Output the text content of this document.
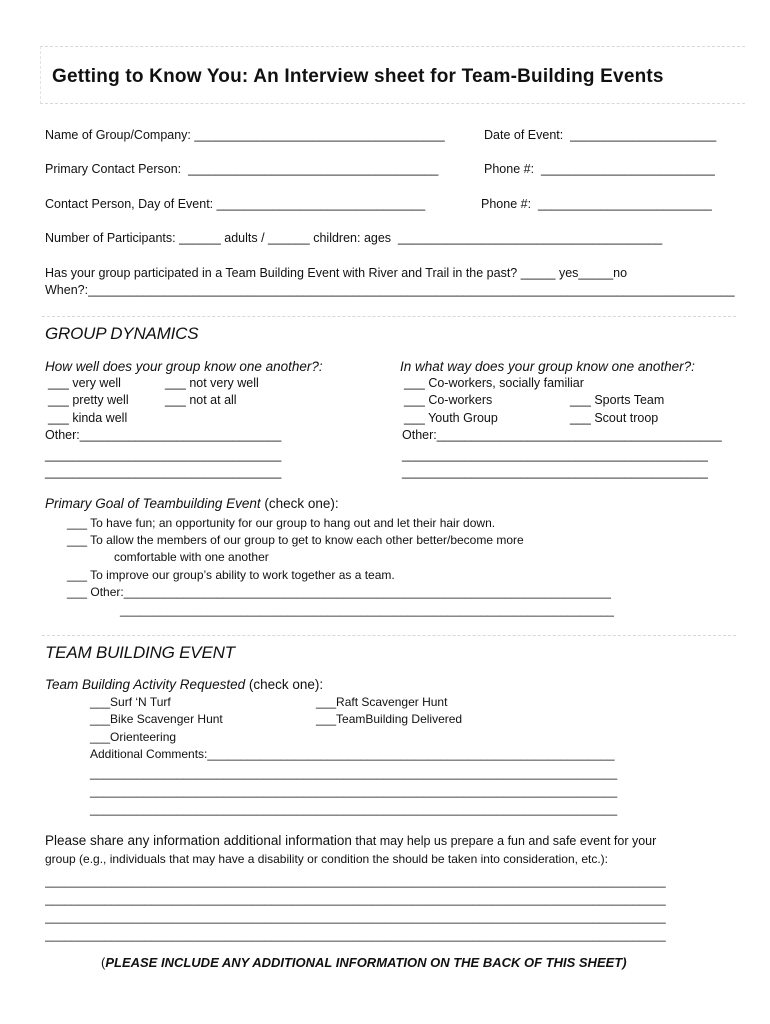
Getting to Know You: An Interview sheet for Team-Building Events
Name of Group/Company: ____________________________________	Date of Event:  _____________________
Primary Contact Person:  ____________________________________	Phone #:  _________________________
Contact Person, Day of Event: ______________________________	Phone #:  _________________________
Number of Participants: ______ adults / ______ children: ages  ______________________________________
Has your group participated in a Team Building Event with River and Trail in the past? _____ yes_____no
When?:_____________________________________________________________________________________________
GROUP DYNAMICS
How well does your group know one another?:
___ very well	___ not very well
___ pretty well	___ not at all
___ kinda well
Other:_____________________________
__________________________________
__________________________________
In what way does your group know one another?:
___ Co-workers, socially familiar
___ Co-workers	___ Sports Team
___ Youth Group	___ Scout troop
Other:_________________________________________
____________________________________________
____________________________________________
Primary Goal of Teambuilding Event (check one):
___ To have fun; an opportunity for our group to hang out and let their hair down.
___ To allow the members of our group to get to know each other better/become more
comfortable with one another
___ To improve our group’s ability to work together as a team.
___ Other:_________________________________________________________________________
__________________________________________________________________________
TEAM BUILDING EVENT
Team Building Activity Requested (check one):
___Surf ‘N Turf	___Raft Scavenger Hunt
___Bike Scavenger Hunt	___TeamBuilding Delivered
___Orienteering
Additional Comments:_____________________________________________________________
_______________________________________________________________________________
_______________________________________________________________________________
_______________________________________________________________________________
Please share any information additional information that may help us prepare a fun and safe event for your
group (e.g., individuals that may have a disability or condition the should be taken into consideration, etc.):
_____________________________________________________________________________________________
_____________________________________________________________________________________________
_____________________________________________________________________________________________
_____________________________________________________________________________________________
(PLEASE INCLUDE ANY ADDITIONAL INFORMATION ON THE BACK OF THIS SHEET)
